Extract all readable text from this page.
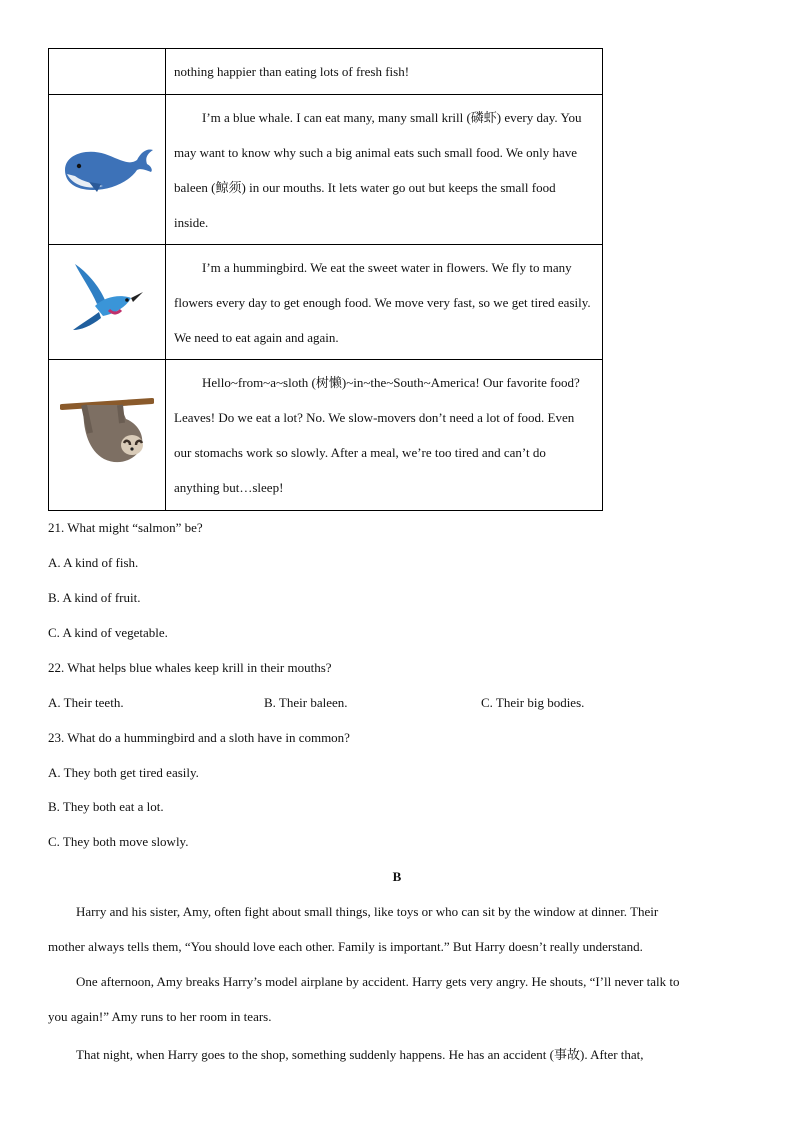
	nothing happier than eating lots of fresh fish!
	I’m a blue whale. I can eat many, many small krill (磷虾) every day. You may want to know why such a big animal eats such small food. We only have baleen (鲸须) in our mouths. It lets water go out but keeps the small food inside.
	I’m a hummingbird. We eat the sweet water in flowers. We fly to many flowers every day to get enough food. We move very fast, so we get tired easily. We need to eat again and again.
	Hello~from~a~sloth (树懒)~in~the~South~America! Our favorite food? Leaves! Do we eat a lot? No. We slow-movers don’t need a lot of food. Even our stomachs work so slowly. After a meal, we’re too tired and can’t do anything but…sleep!
21. What might “salmon” be?
A. A kind of fish.
B. A kind of fruit.
C. A kind of vegetable.
22. What helps blue whales keep krill in their mouths?
A. Their teeth.	B. Their baleen.	C. Their big bodies.
23. What do a hummingbird and a sloth have in common?
A. They both get tired easily.
B. They both eat a lot.
C. They both move slowly.
B
Harry and his sister, Amy, often fight about small things, like toys or who can sit by the window at dinner. Their
mother always tells them, “You should love each other. Family is important.” But Harry doesn’t really understand.
One afternoon, Amy breaks Harry’s model airplane by accident. Harry gets very angry. He shouts, “I’ll never talk to
you again!” Amy runs to her room in tears.
That night, when Harry goes to the shop, something suddenly happens. He has an accident (事故). After that,
